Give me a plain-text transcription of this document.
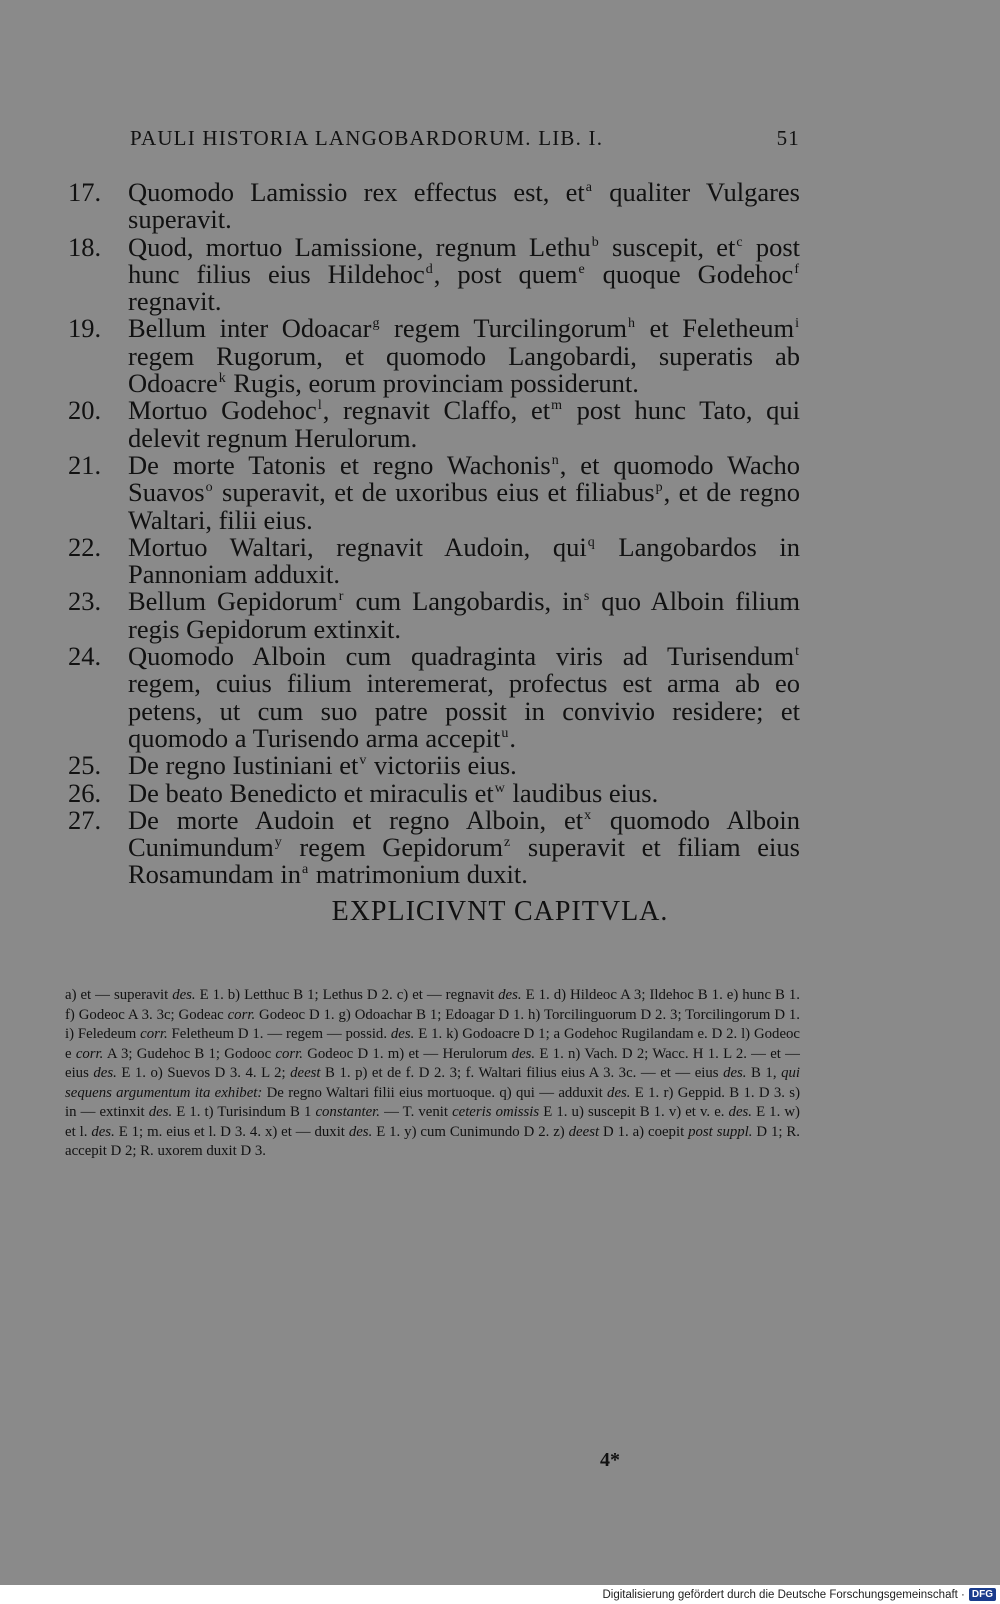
PAULI HISTORIA LANGOBARDORUM. LIB. I.	51
17. Quomodo Lamissio rex effectus est, et$^a$ qualiter Vulgares superavit.
18. Quod, mortuo Lamissione, regnum Lethu$^b$ suscepit, et$^c$ post hunc filius eius Hildehoc$^d$, post quem$^e$ quoque Godehoc$^f$ regnavit.
19. Bellum inter Odoacar$^g$ regem Turcilingorum$^h$ et Feletheum$^i$ regem Rugorum, et quomodo Langobardi, superatis ab Odoacre$^k$ Rugis, eorum provinciam possiderunt.
20. Mortuo Godehoc$^l$, regnavit Claffo, et$^m$ post hunc Tato, qui delevit regnum Herulorum.
21. De morte Tatonis et regno Wachonis$^n$, et quomodo Wacho Suavos$^o$ superavit, et de uxoribus eius et filiabus$^p$, et de regno Waltari, filii eius.
22. Mortuo Waltari, regnavit Audoin, qui$^q$ Langobardos in Pannoniam adduxit.
23. Bellum Gepidorum$^r$ cum Langobardis, in$^s$ quo Alboin filium regis Gepidorum extinxit.
24. Quomodo Alboin cum quadraginta viris ad Turisendum$^t$ regem, cuius filium interemerat, profectus est arma ab eo petens, ut cum suo patre possit in convivio residere; et quomodo a Turisendo arma accepit$^u$.
25. De regno Iustiniani et$^v$ victoriis eius.
26. De beato Benedicto et miraculis et$^w$ laudibus eius.
27. De morte Audoin et regno Alboin, et$^x$ quomodo Alboin Cunimundum$^y$ regem Gepidorum$^z$ superavit et filiam eius Rosamundam in$^a$ matrimonium duxit.
EXPLICIVNT CAPITVLA.
a) et — superavit des. E 1. b) Letthuc B 1; Lethus D 2. c) et — regnavit des. E 1. d) Hildeoc A 3; Ildehoc B 1. e) hunc B 1. f) Godeoc A 3. 3c; Godeac corr. Godeoc D 1. g) Odoachar B 1; Edoagar D 1. h) Torcilinguorum D 2. 3; Torcilingorum D 1. i) Feledeum corr. Feletheum D 1. — regem — possid. des. E 1. k) Godoacre D 1; a Godehoc Rugilandam e. D 2. l) Godeoc e corr. A 3; Gudehoc B 1; Godooc corr. Godeoc D 1. m) et — Herulorum des. E 1. n) Vach. D 2; Wacc. H 1. L 2. — et — eius des. E 1. o) Suevos D 3. 4. L 2; deest B 1. p) et de f. D 2. 3; f. Waltari filius eius A 3. 3c. — et — eius des. B 1, qui sequens argumentum ita exhibet: De regno Waltari filii eius mortuoque. q) qui — adduxit des. E 1. r) Geppid. B 1. D 3. s) in — extinxit des. E 1. t) Turisindum B 1 constanter. — T. venit ceteris omissis E 1. u) suscepit B 1. v) et v. e. des. E 1. w) et l. des. E 1; m. eius et l. D 3. 4. x) et — duxit des. E 1. y) cum Cunimundo D 2. z) deest D 1. a) coepit post suppl. D 1; R. accepit D 2; R. uxorem duxit D 3.
4*
Digitalisierung gefördert durch die Deutsche Forschungsgemeinschaft · DFG
